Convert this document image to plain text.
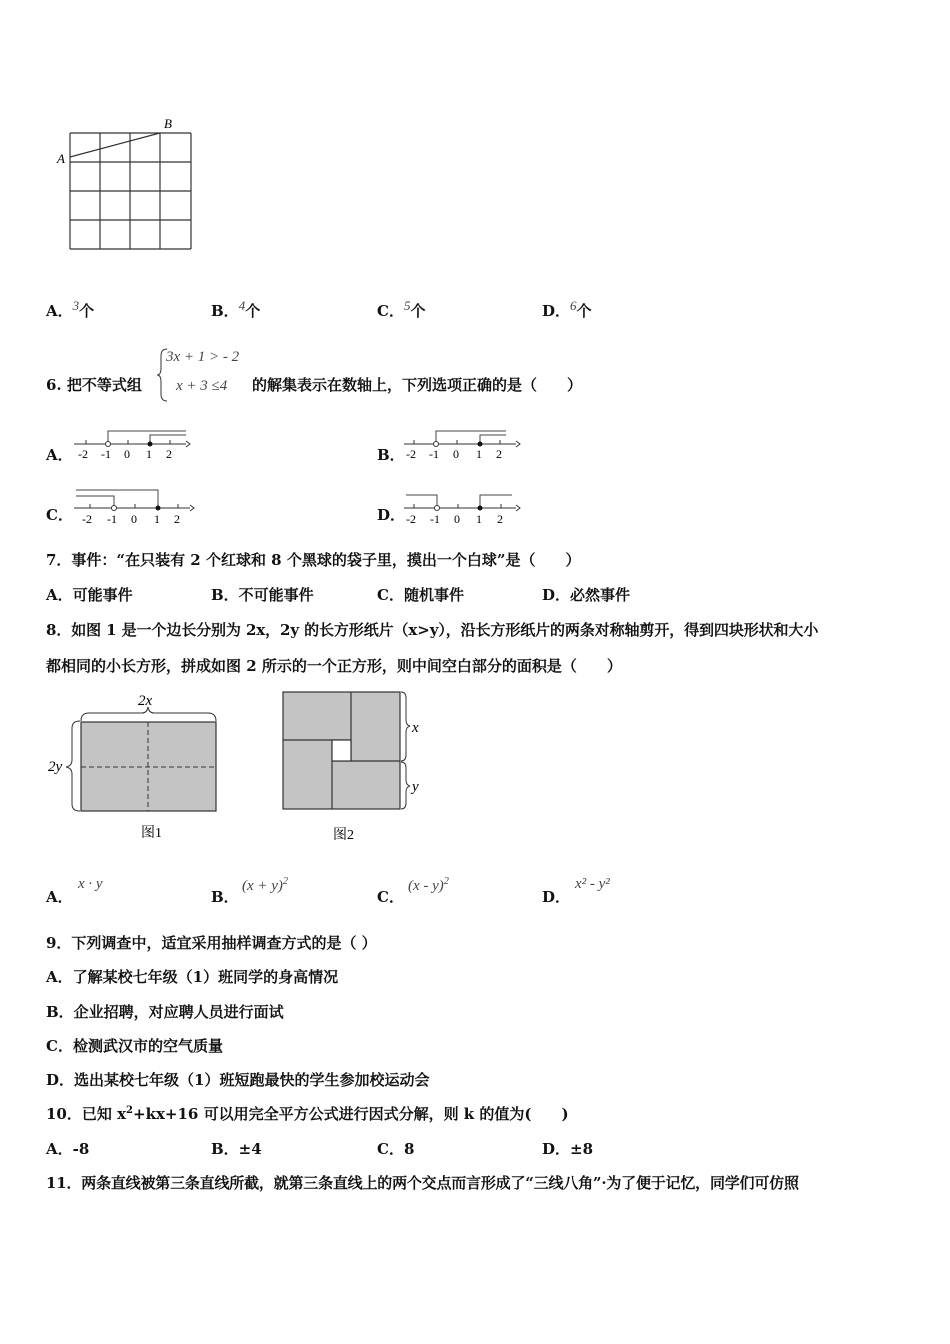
A
B
A．$^3$个	B．$^4$个	C．$^5$个	D．$^6$个
6. 把不等式组
3x + 1 > - 2
x + 3 ≤4 的解集表示在数轴上，下列选项正确的是（　　）
A． -2 -1 0 1 2	B． -2 -1 0 1 2
C． -2 -1 0 1 2	D． -2 -1 0 1 2
7．事件：“在只装有 2 个红球和 8 个黑球的袋子里，摸出一个白球”是（　　）
A．可能事件	B．不可能事件	C．随机事件	D．必然事件
8．如图 1 是一个边长分别为 2x，2y 的长方形纸片（x>y），沿长方形纸片的两条对称轴剪开，得到四块形状和大小
都相同的小长方形，拼成如图 2 所示的一个正方形，则中间空白部分的面积是（　　）
2x
2y
图1
x
y
图2
A．
x · y
B．
$(x + y)^2$
C．
(x - y)$^2$
D．
x² - y²
9．下列调查中，适宜采用抽样调查方式的是（ ）
A．了解某校七年级（1）班同学的身高情况
B．企业招聘，对应聘人员进行面试
C．检测武汉市的空气质量
D．选出某校七年级（1）班短跑最快的学生参加校运动会
10．已知 $x^2+kx+16$ 可以用完全平方公式进行因式分解，则 k 的值为(　　)
A．-8	B．±4	C．8	D．±8
11．两条直线被第三条直线所截，就第三条直线上的两个交点而言形成了“三线八角”·为了便于记忆，同学们可仿照
